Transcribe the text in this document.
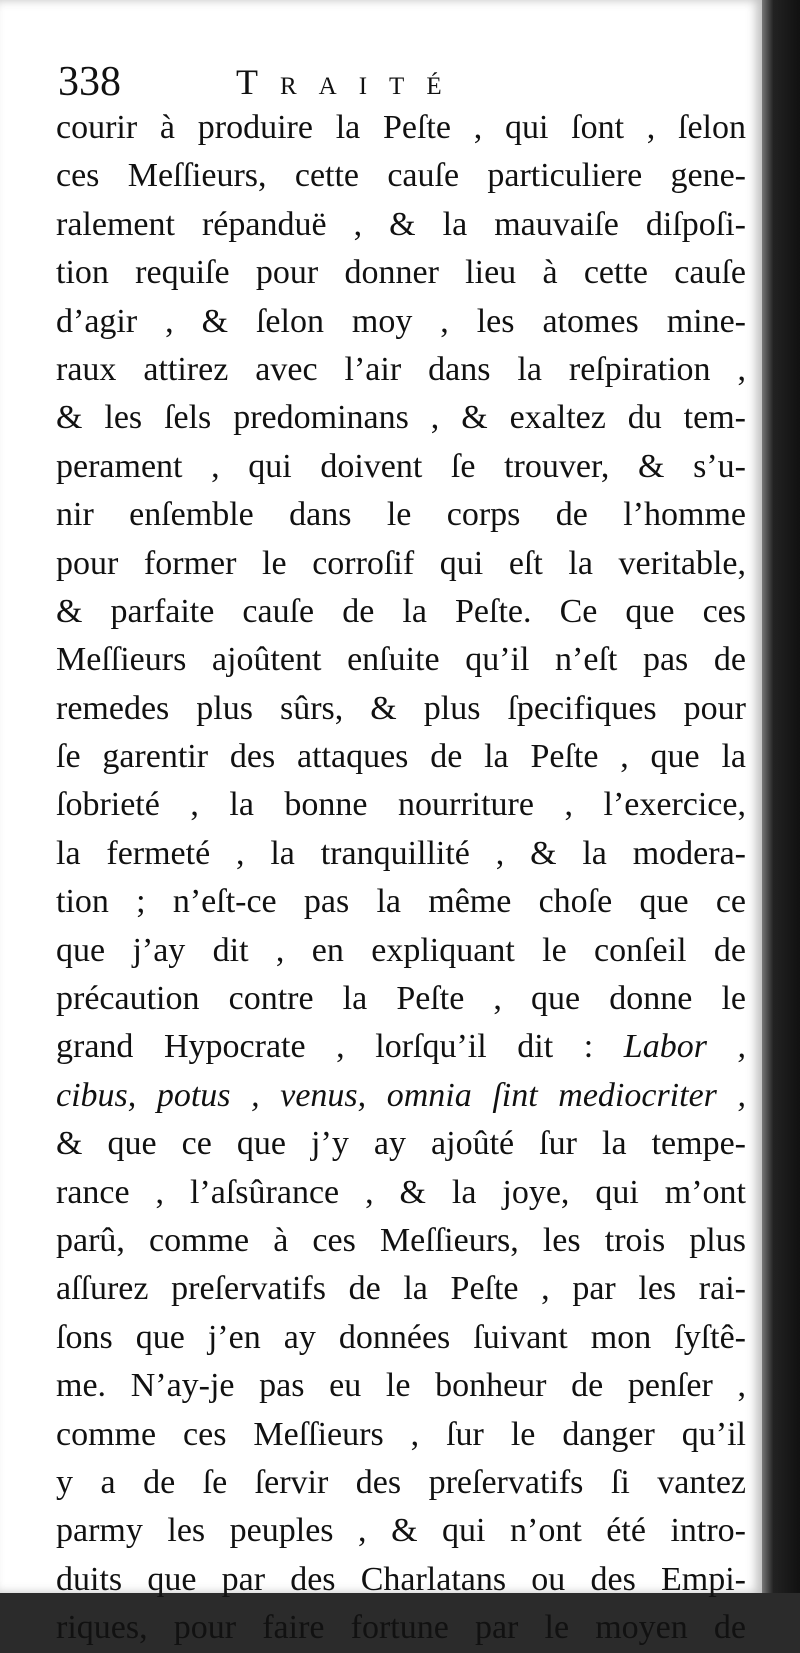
338	Traité
courir à produire la Peſte , qui ſont , ſelon
ces Meſſieurs, cette cauſe particuliere gene-
ralement répanduë , & la mauvaiſe diſpoſi-
tion requiſe pour donner lieu à cette cauſe
d’agir , & ſelon moy , les atomes mine-
raux attirez avec l’air dans la reſpiration ,
& les ſels predominans , & exaltez du tem-
perament , qui doivent ſe trouver, & s’u-
nir enſemble dans le corps de l’homme
pour former le corroſif qui eſt la veritable,
& parfaite cauſe de la Peſte. Ce que ces
Meſſieurs ajoûtent enſuite qu’il n’eſt pas de
remedes plus sûrs, & plus ſpecifiques pour
ſe garentir des attaques de la Peſte , que la
ſobrieté , la bonne nourriture , l’exercice,
la fermeté , la tranquillité , & la modera-
tion ; n’eſt-ce pas la même choſe que ce
que j’ay dit , en expliquant le conſeil de
précaution contre la Peſte , que donne le
grand Hypocrate , lorſqu’il dit : Labor ,
cibus, potus , venus, omnia ſint mediocriter ,
& que ce que j’y ay ajoûté ſur la tempe-
rance , l’aſsûrance , & la joye, qui m’ont
parû, comme à ces Meſſieurs, les trois plus
aſſurez preſervatifs de la Peſte , par les rai-
ſons que j’en ay données ſuivant mon ſyſtê-
me. N’ay-je pas eu le bonheur de penſer ,
comme ces Meſſieurs , ſur le danger qu’il
y a de ſe ſervir des preſervatifs ſi vantez
parmy les peuples , & qui n’ont été intro-
duits que par des Charlatans ou des Empi-
riques, pour faire fortune par le moyen de
